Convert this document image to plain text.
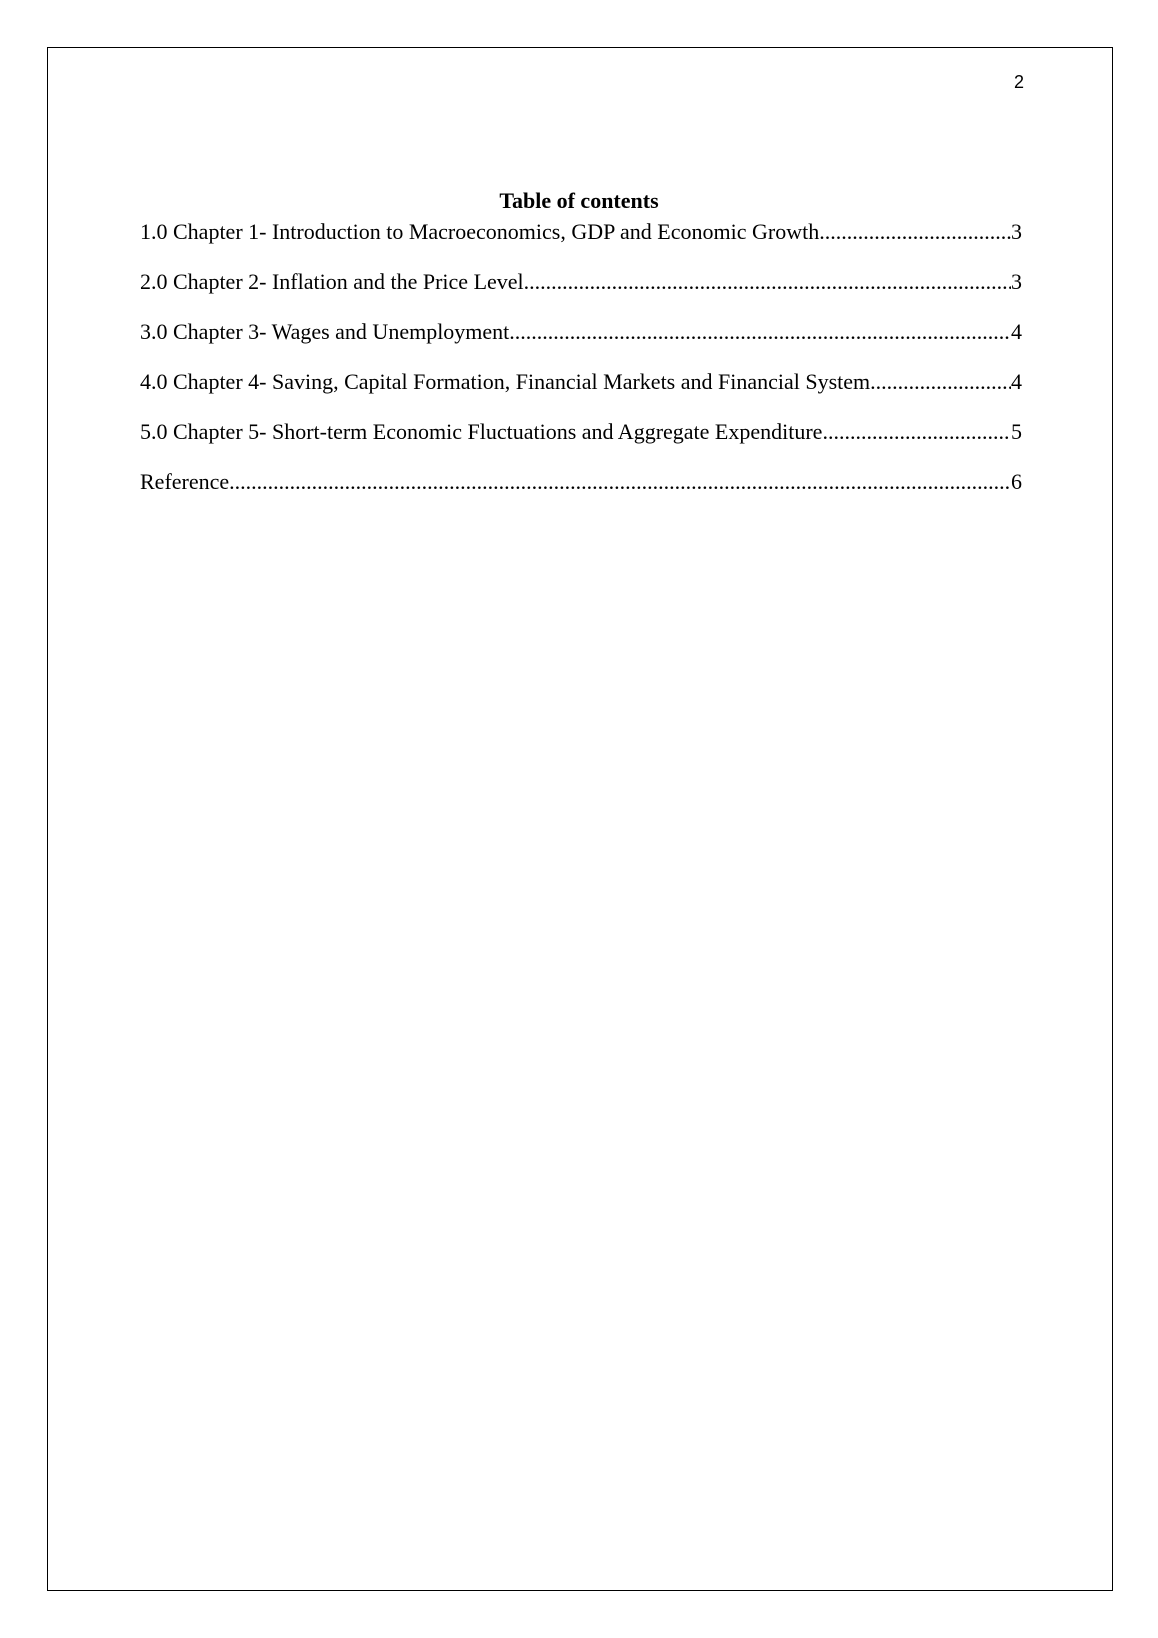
2
Table of contents
1.0 Chapter 1- Introduction to Macroeconomics, GDP and Economic Growth .....	3
2.0 Chapter 2- Inflation and the Price Level .....	3
3.0 Chapter 3- Wages and Unemployment .....	4
4.0 Chapter 4- Saving, Capital Formation, Financial Markets and Financial System .....	4
5.0 Chapter 5- Short-term Economic Fluctuations and Aggregate Expenditure .....	5
Reference .....	6
